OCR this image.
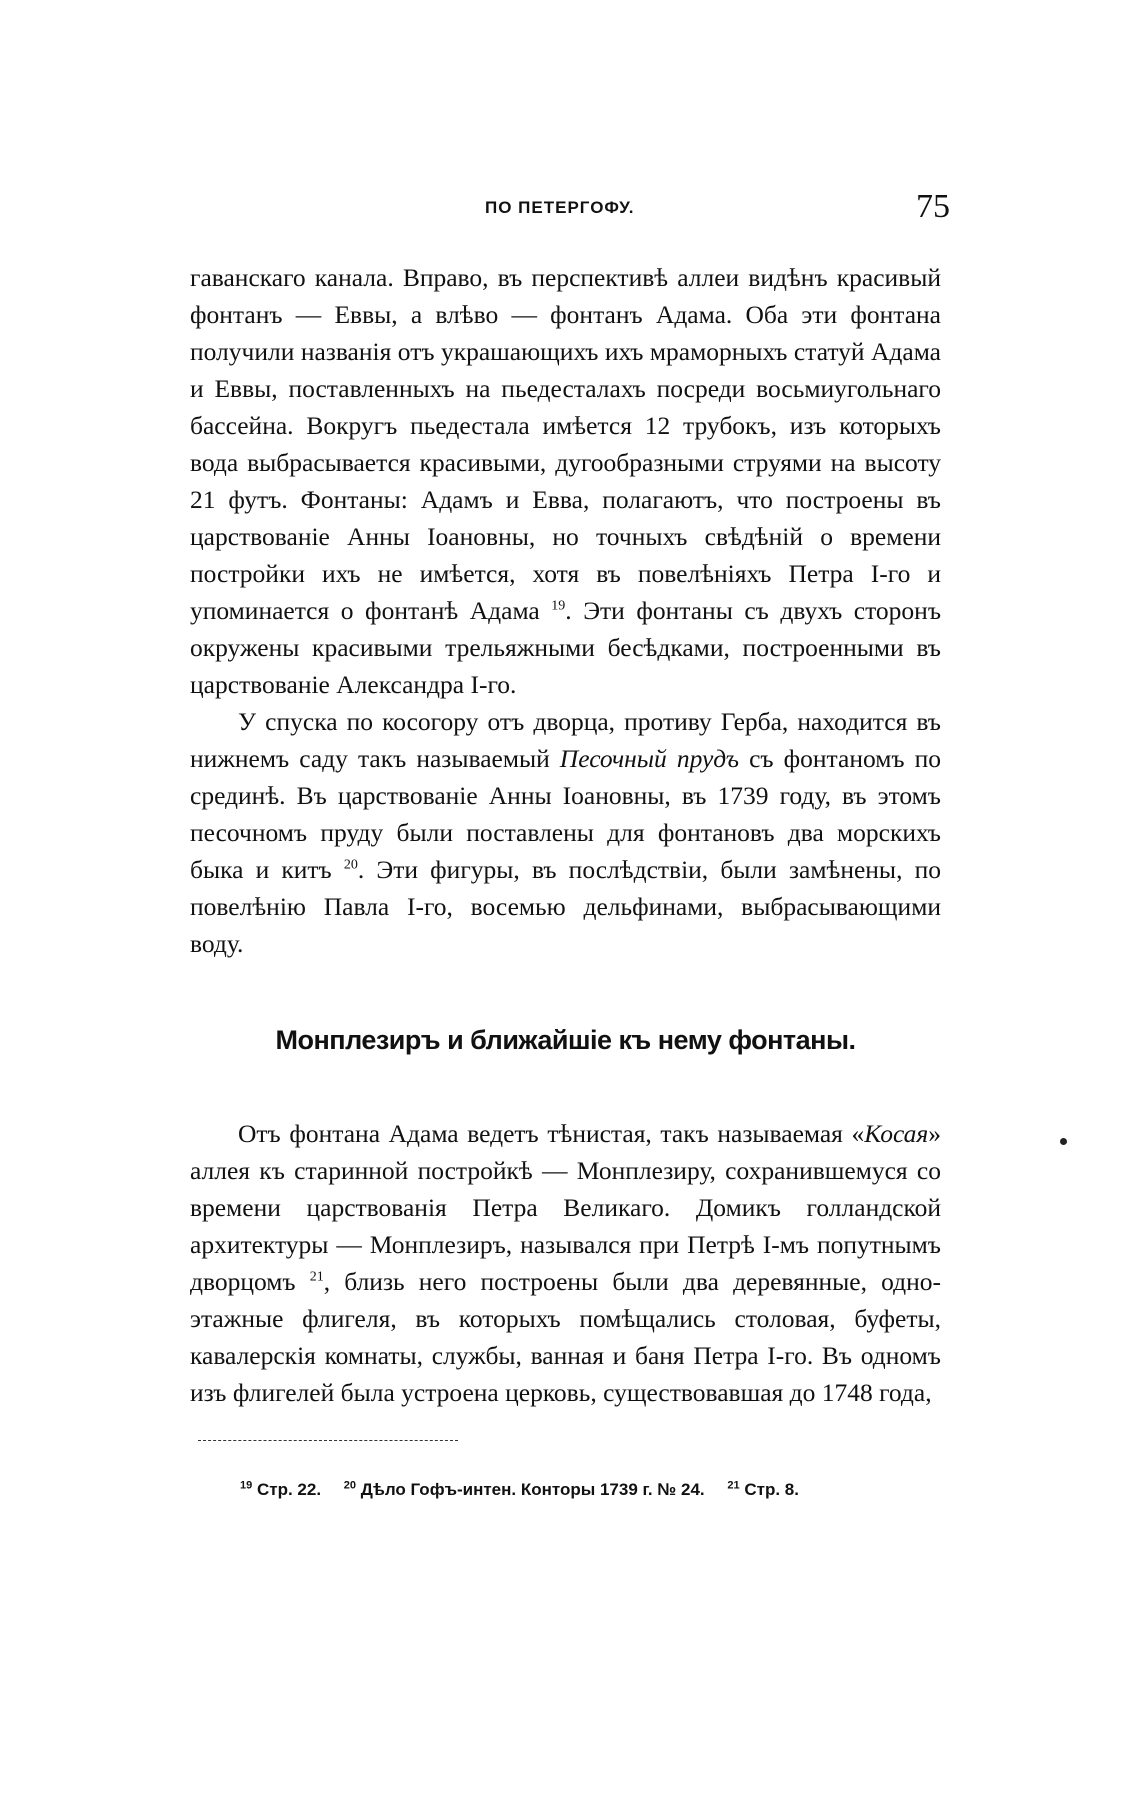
ПО ПЕТЕРГОФУ.	75

гаванскаго канала. Вправо, въ перспективѣ аллеи видѣнъ красивый фонтанъ — Еввы, а влѣво — фонтанъ Адама. Оба эти фонтана получили названія отъ украшающихъ ихъ мраморныхъ статуй Адама и Еввы, поставленныхъ на пьедесталахъ посреди восьмиугольнаго бассейна. Вокругъ пьедестала имѣется 12 трубокъ, изъ которыхъ вода выбрасывается красивыми, дугообразными струями на высоту 21 футъ. Фонтаны: Адамъ и Евва, полагаютъ, что построены въ царствованіе Анны Іоановны, но точныхъ свѣдѣній о времени постройки ихъ не имѣется, хотя въ повелѣніяхъ Петра I-го и упоминается о фонтанѣ Адама $^{19}$. Эти фонтаны съ двухъ сторонъ окружены красивыми трельяжными бесѣдками, построенными въ царствованіе Александра I-го.

У спуска по косогору отъ дворца, противу Герба, находится въ нижнемъ саду такъ называемый Песочный прудъ съ фонтаномъ по срединѣ. Въ царствованіе Анны Іоановны, въ 1739 году, въ этомъ песочномъ пруду были поставлены для фонтановъ два морскихъ быка и китъ $^{20}$. Эти фигуры, въ послѣдствіи, были замѣнены, по повелѣнію Павла I-го, восемью дельфинами, выбрасывающими воду.

Монплезиръ и ближайшіе къ нему фонтаны.

Отъ фонтана Адама ведетъ тѣнистая, такъ называемая «Косая» аллея къ старинной постройкѣ — Монплезиру, сохранившемуся со времени царствованія Петра Великаго. Домикъ голландской архитектуры — Монплезиръ, назывался при Петрѣ I-мъ попутнымъ дворцомъ $^{21}$, близь него построены были два деревянные, одно-этажные флигеля, въ которыхъ помѣщались столовая, буфеты, кавалерскія комнаты, службы, ванная и баня Петра I-го. Въ одномъ изъ флигелей была устроена церковь, существовавшая до 1748 года,

$^{19}$ Стр. 22. $^{20}$ Дѣло Гофъ-интен. Конторы 1739 г. № 24. $^{21}$ Стр. 8.
